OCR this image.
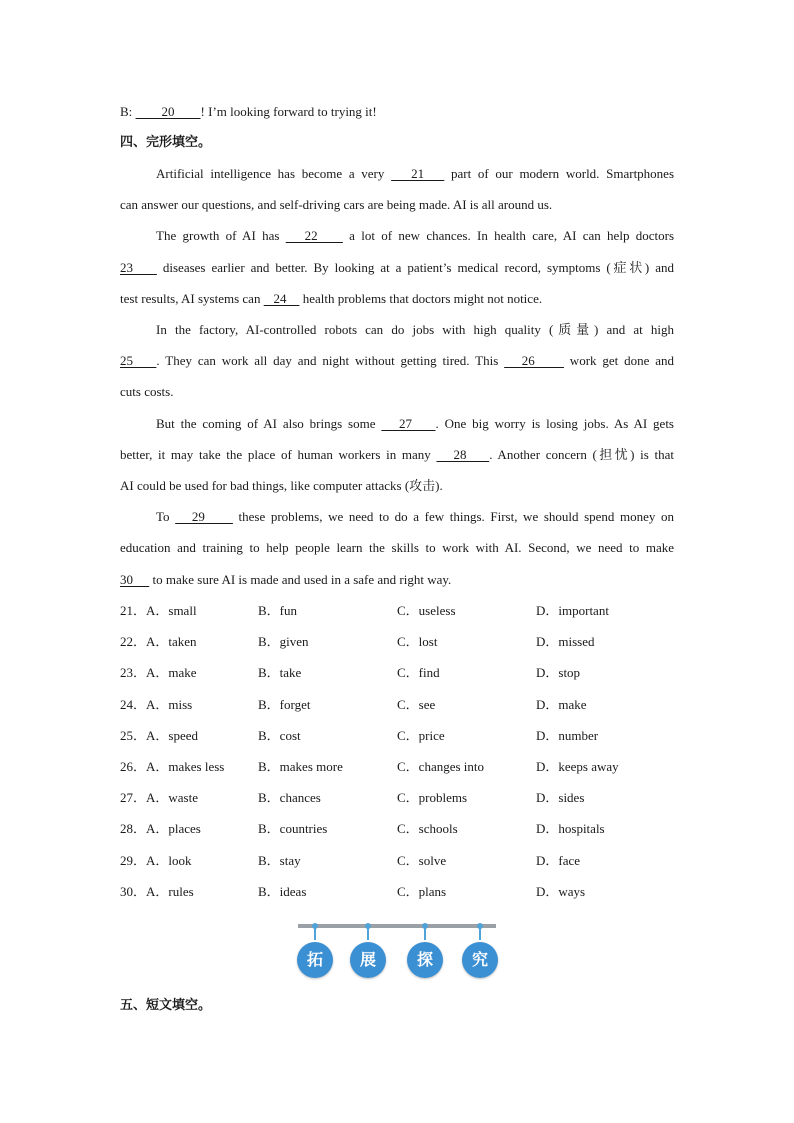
B:         20        ! I’m looking forward to trying it!
四、完形填空。
Artificial intelligence has become a very    21    part of our modern world. Smartphones
can answer our questions, and self-driving cars are being made. AI is all around us.
The growth of AI has    22     a lot of new chances. In health care, AI can help doctors
23     diseases earlier and better. By looking at a patient’s medical record, symptoms (症状) and
test results, AI systems can    24     health problems that doctors might not notice.
In the factory, AI-controlled robots can do jobs with high quality (质量) and at high
25    . They can work all day and night without getting tired. This    26      work get done and
cuts costs.
But the coming of AI also brings some    27    . One big worry is losing jobs. As AI gets
better, it may take the place of human workers in many    28    . Another concern (担忧) is that
AI could be used for bad things, like computer attacks (攻击).
To    29      these problems, we need to do a few things. First, we should spend money on
education and training to help people learn the skills to work with AI. Second, we need to make
30      to make sure AI is made and used in a safe and right way.
21．A．small	B．fun	C．useless	D．important
22．A．taken	B．given	C．lost	D．missed
23．A．make	B．take	C．find	D．stop
24．A．miss	B．forget	C．see	D．make
25．A．speed	B．cost	C．price	D．number
26．A．makes less	B．makes more	C．changes into	D．keeps away
27．A．waste	B．chances	C．problems	D．sides
28．A．places	B．countries	C．schools	D．hospitals
29．A．look	B．stay	C．solve	D．face
30．A．rules	B．ideas	C．plans	D．ways
五、短文填空。
拓	展	探	究
